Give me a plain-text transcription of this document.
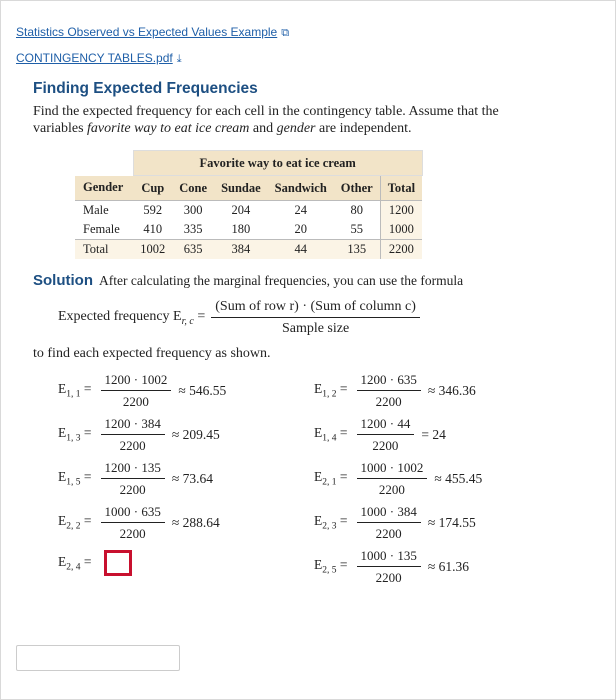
Statistics Observed vs Expected Values Example ⧉
CONTINGENCY TABLES.pdf ⤓
Finding Expected Frequencies
Find the expected frequency for each cell in the contingency table. Assume that the variables favorite way to eat ice cream and gender are independent.
	Favorite way to eat ice cream					
Gender	Cup	Cone	Sundae	Sandwich	Other	Total
Male	592	300	204	24	80	1200
Female	410	335	180	20	55	1000
Total	1002	635	384	44	135	2200
Solution After calculating the marginal frequencies, you can use the formula
Expected frequency $E_{r, c} = \frac{\text{(Sum of row r) · (Sum of column c)}}{\text{Sample size}}$
to find each expected frequency as shown.
$E_{1, 1} = \frac{1200 \cdot 1002}{2200} \approx 546.55$
$E_{1, 3} = \frac{1200 \cdot 384}{2200} \approx 209.45$
$E_{1, 5} = \frac{1200 \cdot 135}{2200} \approx 73.64$
$E_{2, 2} = \frac{1000 \cdot 635}{2200} \approx 288.64$
$E_{2, 4}$ =
$E_{1, 2} = \frac{1200 \cdot 635}{2200} \approx 346.36$
$E_{1, 4} = \frac{1200 \cdot 44}{2200} = 24$
$E_{2, 1} = \frac{1000 \cdot 1002}{2200} \approx 455.45$
$E_{2, 3} = \frac{1000 \cdot 384}{2200} \approx 174.55$
$E_{2, 5} = \frac{1000 \cdot 135}{2200} \approx 61.36$
